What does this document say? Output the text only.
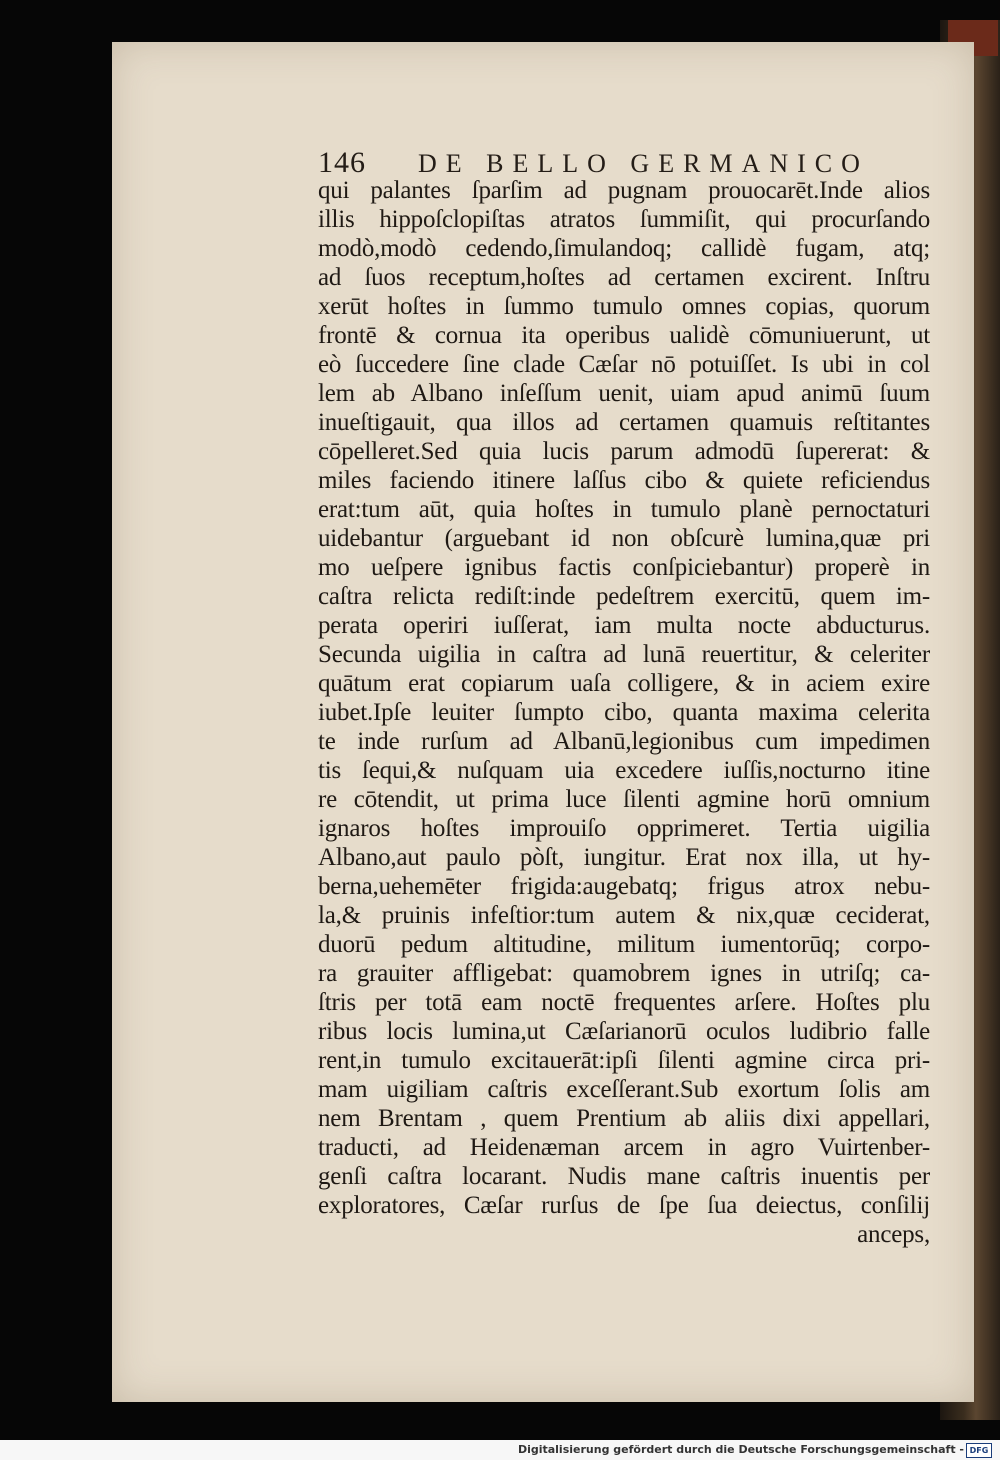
146	DE BELLO GERMANICO
qui palantes ſparſim ad pugnam prouocarēt.Inde alios
illis hippoſclopiſtas atratos ſummiſit, qui procurſando
modò,modò cedendo,ſimulandoq; callidè fugam, atq;
ad ſuos receptum,hoſtes ad certamen excirent. Inſtru
xerūt hoſtes in ſummo tumulo omnes copias, quorum
frontē & cornua ita operibus ualidè cōmuniuerunt, ut
eò ſuccedere ſine clade Cæſar nō potuiſſet. Is ubi in col
lem ab Albano inſeſſum uenit, uiam apud animū ſuum
inueſtigauit, qua illos ad certamen quamuis reſtitantes
cōpelleret.Sed quia lucis parum admodū ſupererat: &
miles faciendo itinere laſſus cibo & quiete reficiendus
erat:tum aūt, quia hoſtes in tumulo planè pernoctaturi
uidebantur (arguebant id non obſcurè lumina,quæ pri
mo ueſpere ignibus factis conſpiciebantur) properè in
caſtra relicta rediſt:inde pedeſtrem exercitū, quem im-
perata operiri iuſſerat, iam multa nocte abducturus.
Secunda uigilia in caſtra ad lunā reuertitur, & celeriter
quātum erat copiarum uaſa colligere, & in aciem exire
iubet.Ipſe leuiter ſumpto cibo, quanta maxima celerita
te inde rurſum ad Albanū,legionibus cum impedimen
tis ſequi,& nuſquam uia excedere iuſſis,nocturno itine
re cōtendit, ut prima luce ſilenti agmine horū omnium
ignaros hoſtes improuiſo opprimeret. Tertia uigilia
Albano,aut paulo pòſt, iungitur. Erat nox illa, ut hy-
berna,uehemēter frigida:augebatq; frigus atrox nebu-
la,& pruinis infeſtior:tum autem & nix,quæ ceciderat,
duorū pedum altitudine, militum iumentorūq; corpo-
ra grauiter affligebat: quamobrem ignes in utriſq; ca-
ſtris per totā eam noctē frequentes arſere. Hoſtes plu
ribus locis lumina,ut Cæſarianorū oculos ludibrio falle
rent,in tumulo excitauerāt:ipſi ſilenti agmine circa pri-
mam uigiliam caſtris exceſſerant.Sub exortum ſolis am
nem Brentam , quem Prentium ab aliis dixi appellari,
traducti, ad Heidenæman arcem in agro Vuirtenber-
genſi caſtra locarant. Nudis mane caſtris inuentis per
exploratores, Cæſar rurſus de ſpe ſua deiectus, conſilij
anceps,
Digitalisierung gefördert durch die Deutsche Forschungsgemeinschaft - DFG
